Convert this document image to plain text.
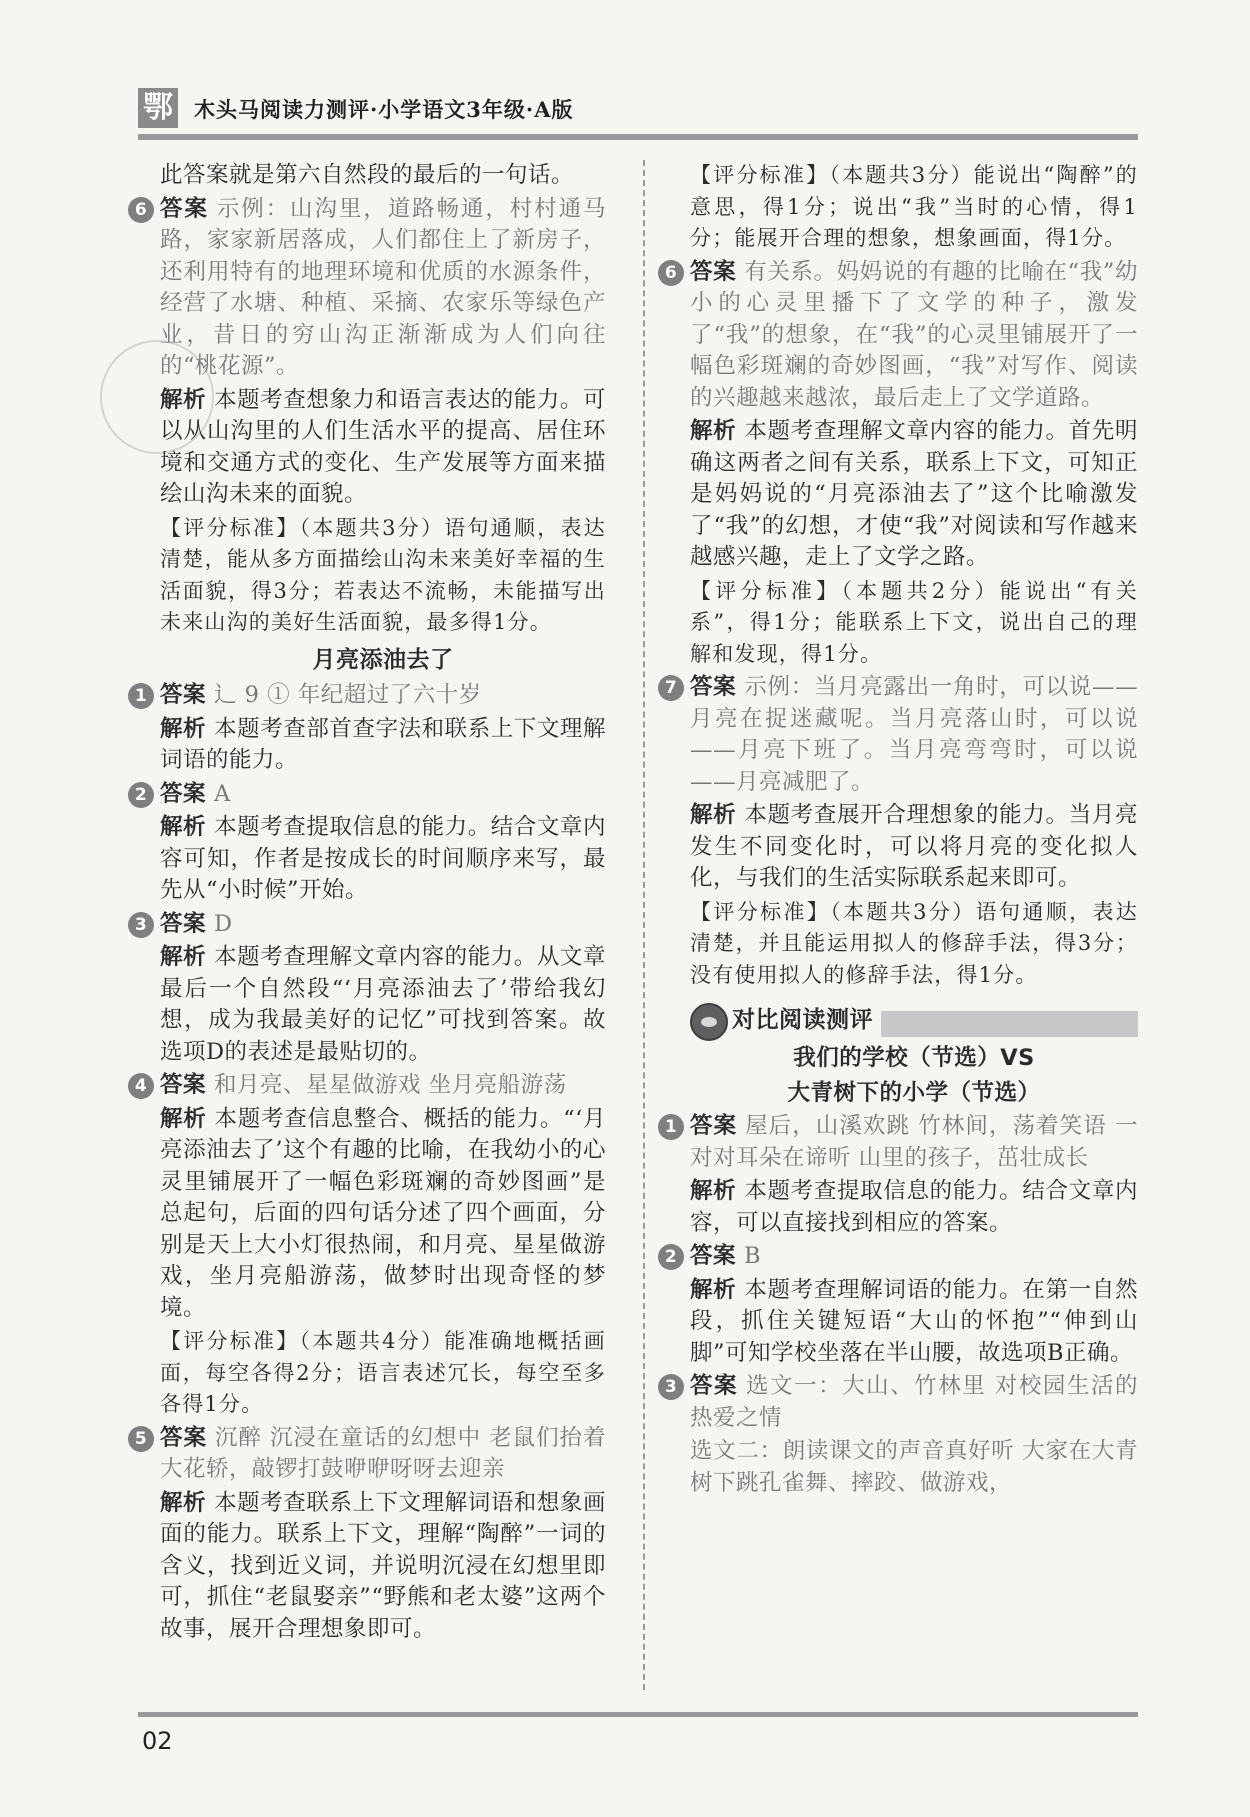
鄂 木头马阅读力测评·小学语文3年级·A版

此答案就是第六自然段的最后的一句话。

6 答案 示例：山沟里，道路畅通，村村通马路，家家新居落成，人们都住上了新房子，还利用特有的地理环境和优质的水源条件，经营了水塘、种植、采摘、农家乐等绿色产业，昔日的穷山沟正渐渐成为人们向往的“桃花源”。

解析 本题考查想象力和语言表达的能力。可以从山沟里的人们生活水平的提高、居住环境和交通方式的变化、生产发展等方面来描绘山沟未来的面貌。

【评分标准】（本题共3分）语句通顺，表达清楚，能从多方面描绘山沟未来美好幸福的生活面貌，得3分；若表达不流畅，未能描写出未来山沟的美好生活面貌，最多得1分。

月亮添油去了
1 答案 辶 9 ① 年纪超过了六十岁

解析 本题考查部首查字法和联系上下文理解词语的能力。

2 答案 A

解析 本题考查提取信息的能力。结合文章内容可知，作者是按成长的时间顺序来写，最先从“小时候”开始。

3 答案 D

解析 本题考查理解文章内容的能力。从文章最后一个自然段“‘月亮添油去了’带给我幻想，成为我最美好的记忆”可找到答案。故选项D的表述是最贴切的。

4 答案 和月亮、星星做游戏 坐月亮船游荡

解析 本题考查信息整合、概括的能力。“‘月亮添油去了’这个有趣的比喻，在我幼小的心灵里铺展开了一幅色彩斑斓的奇妙图画”是总起句，后面的四句话分述了四个画面，分别是天上大小灯很热闹，和月亮、星星做游戏，坐月亮船游荡，做梦时出现奇怪的梦境。

【评分标准】（本题共4分）能准确地概括画面，每空各得2分；语言表述冗长，每空至多各得1分。

5 答案 沉醉 沉浸在童话的幻想中 老鼠们抬着大花轿，敲锣打鼓咿咿呀呀去迎亲

解析 本题考查联系上下文理解词语和想象画面的能力。联系上下文，理解“陶醉”一词的含义，找到近义词，并说明沉浸在幻想里即可，抓住“老鼠娶亲”“野熊和老太婆”这两个故事，展开合理想象即可。

【评分标准】（本题共3分）能说出“陶醉”的意思，得1分；说出“我”当时的心情，得1分；能展开合理的想象，想象画面，得1分。

6 答案 有关系。妈妈说的有趣的比喻在“我”幼小的心灵里播下了文学的种子，激发了“我”的想象，在“我”的心灵里铺展开了一幅色彩斑斓的奇妙图画，“我”对写作、阅读的兴趣越来越浓，最后走上了文学道路。

解析 本题考查理解文章内容的能力。首先明确这两者之间有关系，联系上下文，可知正是妈妈说的“月亮添油去了”这个比喻激发了“我”的幻想，才使“我”对阅读和写作越来越感兴趣，走上了文学之路。

【评分标准】（本题共2分）能说出“有关系”，得1分；能联系上下文，说出自己的理解和发现，得1分。

7 答案 示例：当月亮露出一角时，可以说——月亮在捉迷藏呢。当月亮落山时，可以说——月亮下班了。当月亮弯弯时，可以说——月亮减肥了。

解析 本题考查展开合理想象的能力。当月亮发生不同变化时，可以将月亮的变化拟人化，与我们的生活实际联系起来即可。

【评分标准】（本题共3分）语句通顺，表达清楚，并且能运用拟人的修辞手法，得3分；没有使用拟人的修辞手法，得1分。

对比阅读测评
我们的学校（节选）VS
大青树下的小学（节选）
1 答案 屋后，山溪欢跳 竹林间，荡着笑语 一对对耳朵在谛听 山里的孩子，茁壮成长

解析 本题考查提取信息的能力。结合文章内容，可以直接找到相应的答案。

2 答案 B

解析 本题考查理解词语的能力。在第一自然段，抓住关键短语“大山的怀抱”“伸到山脚”可知学校坐落在半山腰，故选项B正确。

3 答案 选文一：大山、竹林里 对校园生活的热爱之情

选文二：朗读课文的声音真好听 大家在大青树下跳孔雀舞、摔跤、做游戏，

02
